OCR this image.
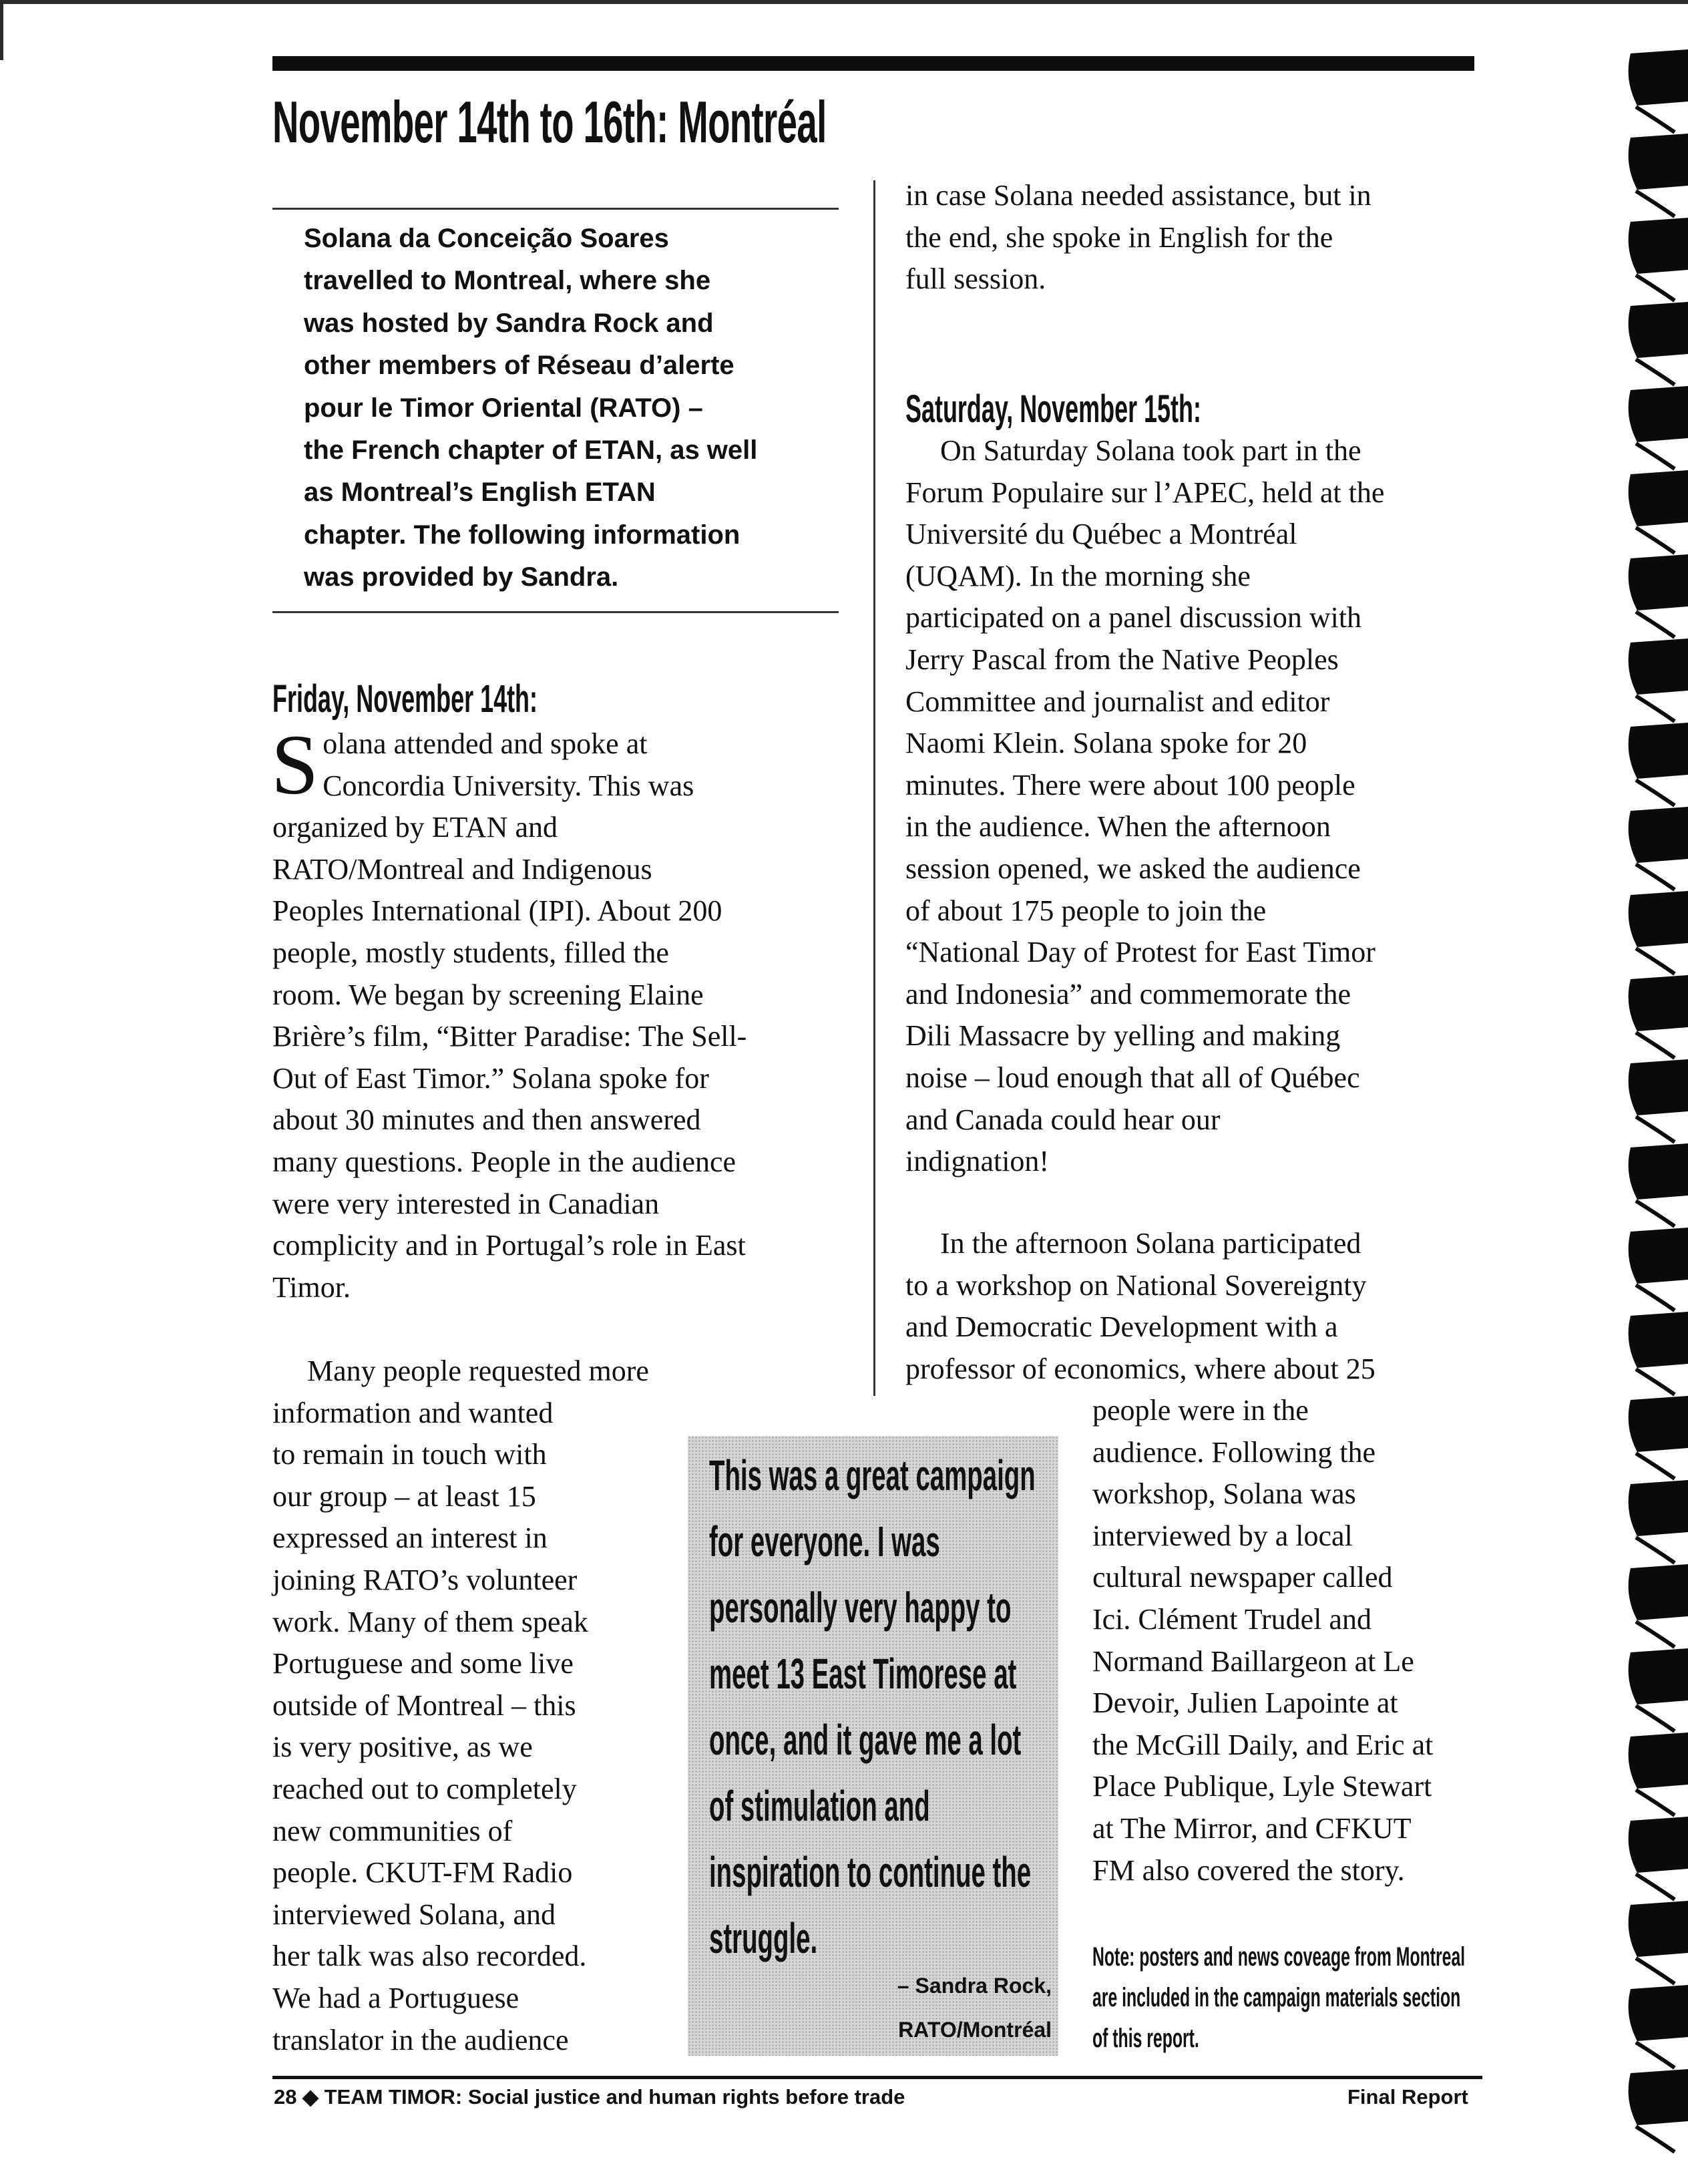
November 14th to 16th: Montréal

Solana da Conceição Soares
travelled to Montreal, where she
was hosted by Sandra Rock and
other members of Réseau d’alerte
pour le Timor Oriental (RATO) –
the French chapter of ETAN, as well
as Montreal’s English ETAN
chapter. The following information
was provided by Sandra.

Friday, November 14th:
S olana attended and spoke at
Concordia University. This was
organized by ETAN and
RATO/Montreal and Indigenous
Peoples International (IPI). About 200
people, mostly students, filled the
room. We began by screening Elaine
Brière’s film, “Bitter Paradise: The Sell-
Out of East Timor.” Solana spoke for
about 30 minutes and then answered
many questions. People in the audience
were very interested in Canadian
complicity and in Portugal’s role in East
Timor.
Many people requested more
information and wanted
to remain in touch with
our group – at least 15
expressed an interest in
joining RATO’s volunteer
work. Many of them speak
Portuguese and some live
outside of Montreal – this
is very positive, as we
reached out to completely
new communities of
people. CKUT-FM Radio
interviewed Solana, and
her talk was also recorded.
We had a Portuguese
translator in the audience
in case Solana needed assistance, but in
the end, she spoke in English for the
full session.
Saturday, November 15th:
On Saturday Solana took part in the
Forum Populaire sur l’APEC, held at the
Université du Québec a Montréal
(UQAM). In the morning she
participated on a panel discussion with
Jerry Pascal from the Native Peoples
Committee and journalist and editor
Naomi Klein. Solana spoke for 20
minutes. There were about 100 people
in the audience. When the afternoon
session opened, we asked the audience
of about 175 people to join the
“National Day of Protest for East Timor
and Indonesia” and commemorate the
Dili Massacre by yelling and making
noise – loud enough that all of Québec
and Canada could hear our
indignation!
In the afternoon Solana participated
to a workshop on National Sovereignty
and Democratic Development with a
professor of economics, where about 25
people were in the
audience. Following the
workshop, Solana was
interviewed by a local
cultural newspaper called
Ici. Clément Trudel and
Normand Baillargeon at Le
Devoir, Julien Lapointe at
the McGill Daily, and Eric at
Place Publique, Lyle Stewart
at The Mirror, and CFKUT
FM also covered the story.

This was a great campaign
for everyone. I was
personally very happy to
meet 13 East Timorese at
once, and it gave me a lot
of stimulation and
inspiration to continue the
struggle.

– Sandra Rock,
RATO/Montréal

Note: posters and news coveage from Montreal
are included in the campaign materials section
of this report.

28 ◆ TEAM TIMOR: Social justice and human rights before trade	Final Report
